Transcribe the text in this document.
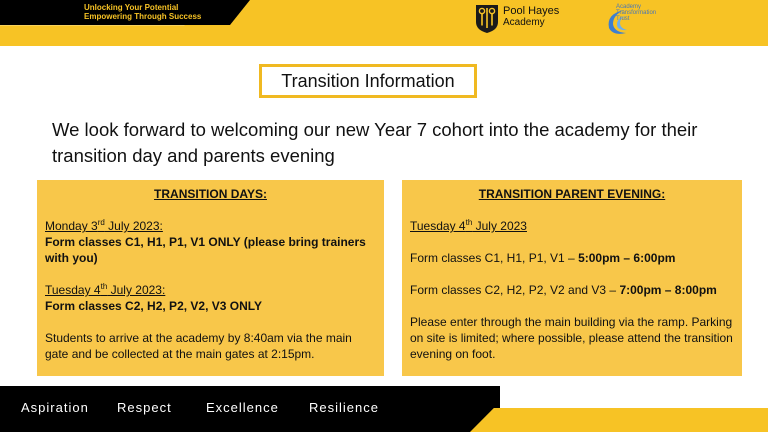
Unlocking Your Potential
Empowering Through Success	Pool Hayes
Academy
Academy
Transformation
Trust
Transition Information
We look forward to welcoming our new Year 7 cohort into the academy for their transition day and parents evening
TRANSITION DAYS:
Monday 3rd July 2023:
Form classes C1, H1, P1, V1 ONLY (please bring trainers with you)
Tuesday 4th July 2023:
Form classes C2, H2, P2, V2, V3 ONLY
Students to arrive at the academy by 8:40am via the main gate and be collected at the main gates at 2:15pm.
TRANSITION PARENT EVENING:
Tuesday 4th July 2023
Form classes C1, H1, P1, V1 – 5:00pm – 6:00pm
Form classes C2, H2, P2, V2 and V3 – 7:00pm – 8:00pm
Please enter through the main building via the ramp. Parking on site is limited; where possible, please attend the transition evening on foot.
Aspiration Respect	Excellence Resilience
